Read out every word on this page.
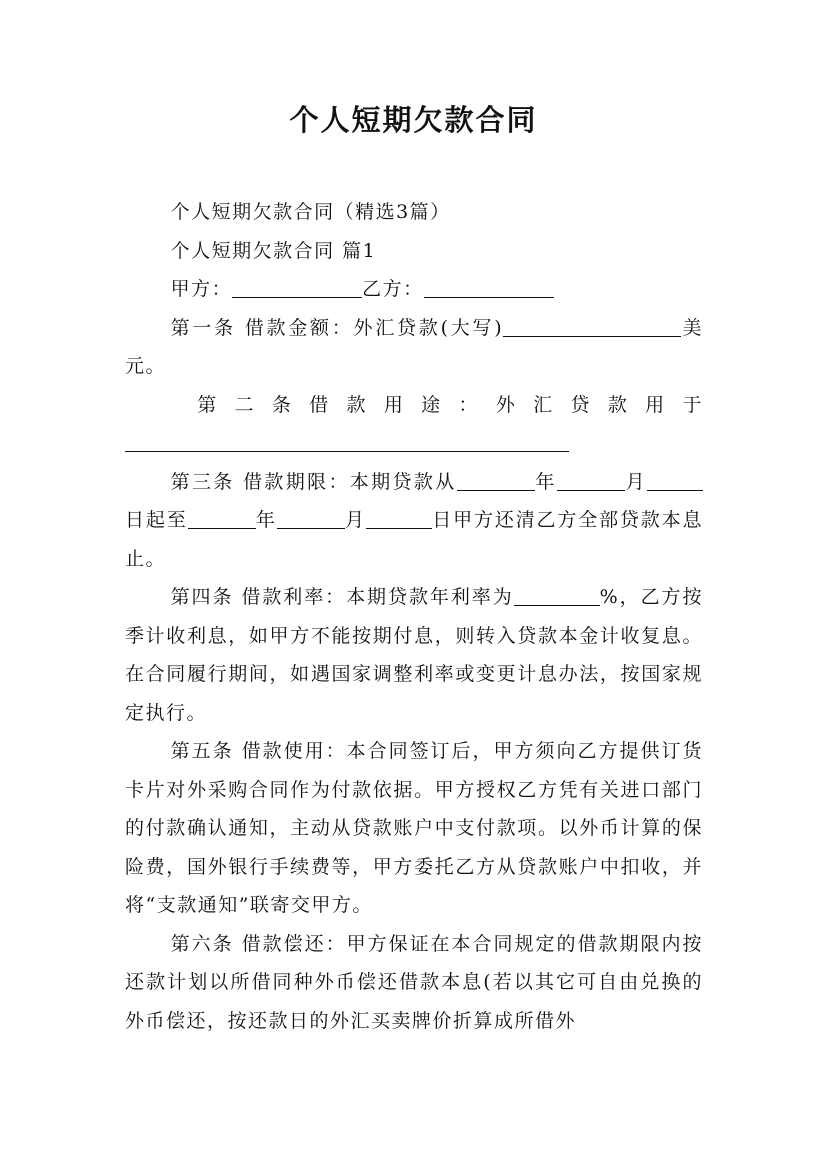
个人短期欠款合同

个人短期欠款合同（精选3篇）

个人短期欠款合同 篇1

甲方：	乙方：

第一条 借款金额：外汇贷款(大写)	美元。

第 二 条 借 款 用 途 ： 外 汇 贷 款 用 于

第三条 借款期限：本期贷款从	年	月日起至	年	月	日甲方还清乙方全部贷款本息止。

第四条 借款利率：本期贷款年利率为	%，乙方按季计收利息，如甲方不能按期付息，则转入贷款本金计收复息。在合同履行期间，如遇国家调整利率或变更计息办法，按国家规定执行。

第五条 借款使用：本合同签订后，甲方须向乙方提供订货卡片对外采购合同作为付款依据。甲方授权乙方凭有关进口部门的付款确认通知，主动从贷款账户中支付款项。以外币计算的保险费，国外银行手续费等，甲方委托乙方从贷款账户中扣收，并将“支款通知”联寄交甲方。

第六条 借款偿还：甲方保证在本合同规定的借款期限内按还款计划以所借同种外币偿还借款本息(若以其它可自由兑换的外币偿还，按还款日的外汇买卖牌价折算成所借外
